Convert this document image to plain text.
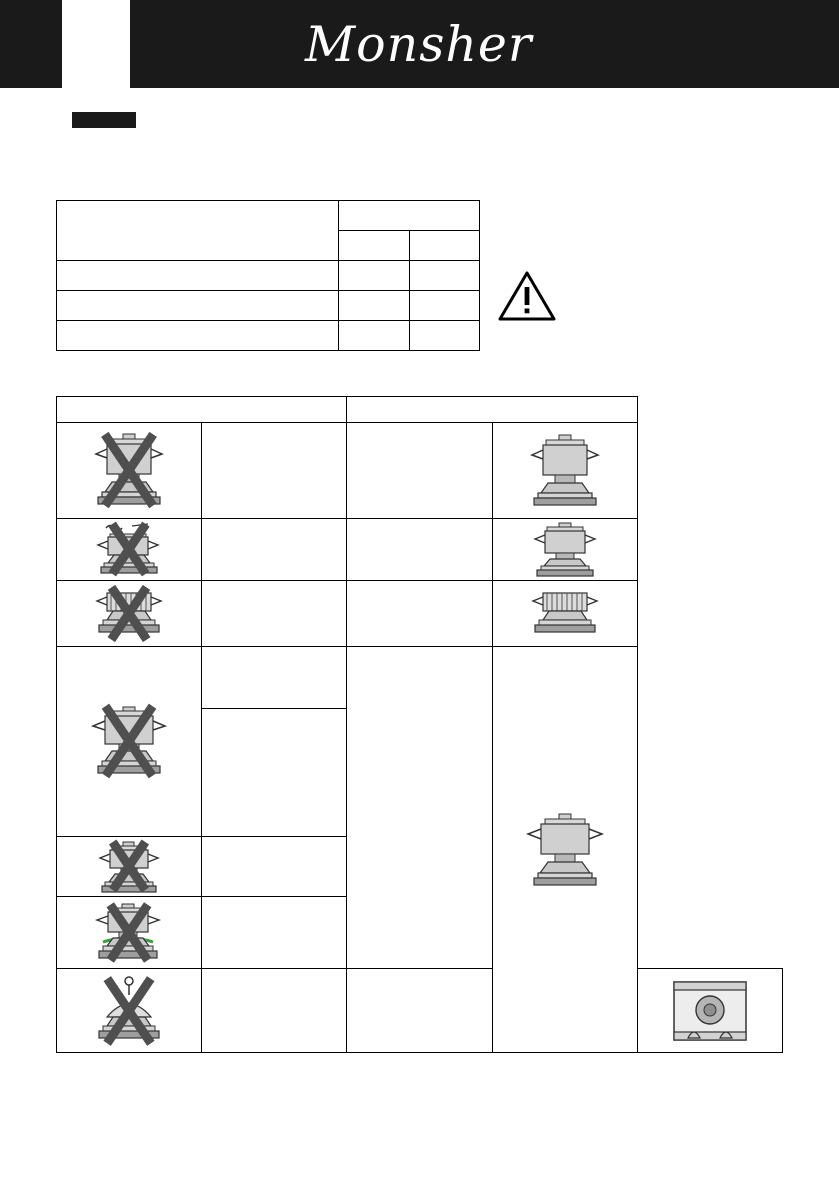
Monsher
